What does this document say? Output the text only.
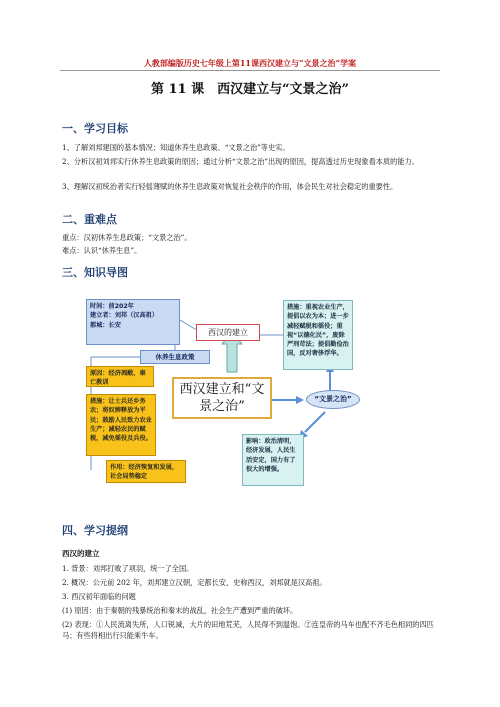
人教部编版历史七年级上第11课西汉建立与“文景之治”学案
第 11 课　西汉建立与“文景之治”
一、学习目标
1、了解刘邦建国的基本情况；知道休养生息政策、“文景之治”等史实。
2、分析汉初刘邦实行休养生息政策的原因；通过分析“文景之治”出现的原因，提高透过历史现象看本质的能力。
3、理解汉初统治者实行轻徭薄赋的休养生息政策对恢复社会秩序的作用，体会民生对社会稳定的重要性。
二、重难点
重点：汉初休养生息政策；“文景之治”。
难点：认识“休养生息”。
三、知识导图
时间：前202年
建立者：刘邦（汉高祖）
都城：长安
西汉的建立
休养生息政策
原因：经济凋敝，秦亡教训
措施：让士兵还乡务农；将奴婢释放为平民；鼓励人民致力农业生产；减轻农民的赋税，减免徭役及兵役。
作用：经济恢复和发展，社会局势稳定
西汉建立和“文景之治”	“文景之治”
措施：重视农业生产，提倡以农为本；进一步减轻赋税和徭役；重视“以德化民”，废除严刑苛法；提倡勤俭治国，反对奢侈浮华。
影响：政治清明，经济发展，人民生活安定，国力有了很大的增强。
四、学习提纲
西汉的建立
1. 背景：刘邦打败了项羽，统一了全国。
2. 概况：公元前 202 年，刘邦建立汉朝，定都长安，史称西汉，刘邦就是汉高祖。
3. 西汉初年面临的问题
(1) 原因：由于秦朝的残暴统治和秦末的战乱，社会生产遭到严重的破坏。
(2) 表现：①人民流离失所，人口锐减，大片的田地荒芜，人民得不到温饱。②连皇帝的马车也配不齐毛色相同的四匹马；有些将相出行只能乘牛车。
